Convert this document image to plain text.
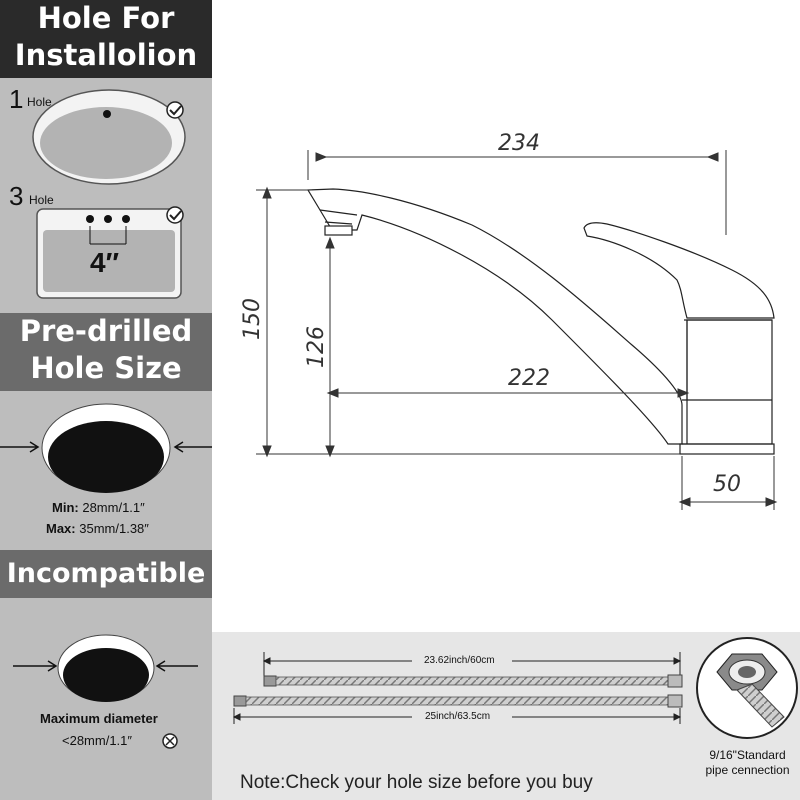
Hole For
Installolion
1 Hole
3 Hole
4″
Pre-drilled
Hole Size
Min: 28mm/1.1″
Max: 35mm/1.38″
Incompatible
Maximum diameter
<28mm/1.1″
234
222
50
150
126
23.62inch/60cm
25inch/63.5cm
9/16"Standard
pipe cennection
Note:Check your hole size before you buy
